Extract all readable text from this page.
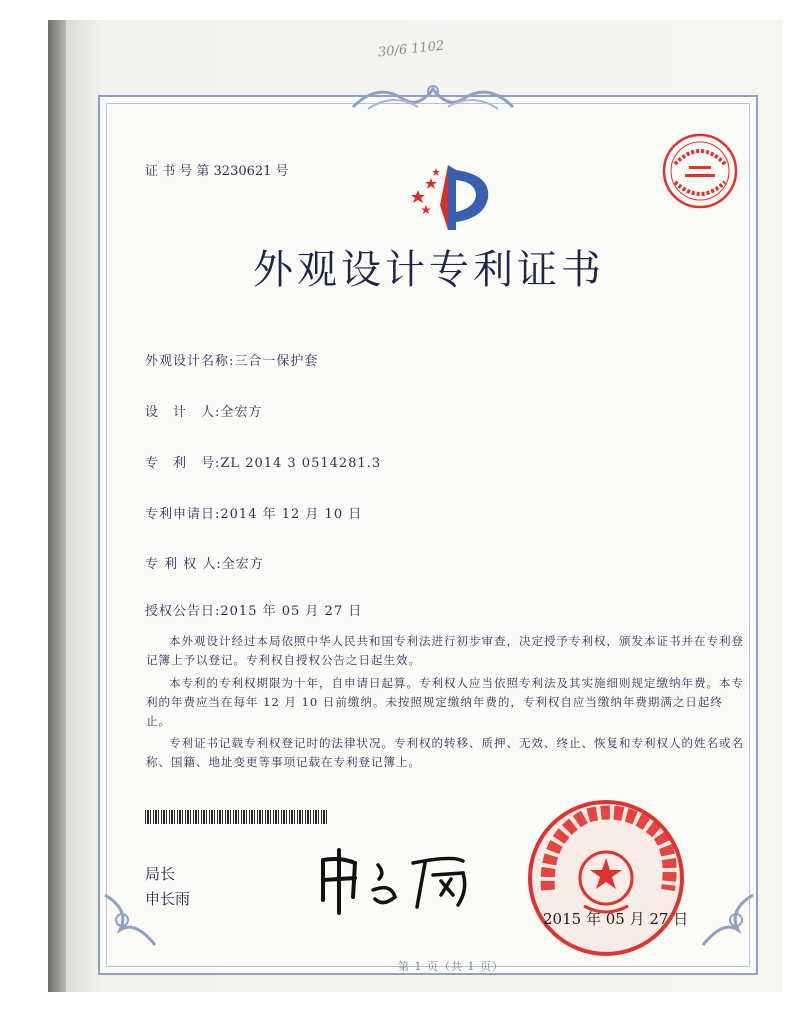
30/6 1102
证 书 号 第 3230621 号
外观设计专利证书
外观设计名称:三合一保护套
设　计　人:全宏方
专　利　号:ZL 2014 3 0514281.3
专利申请日:2014 年 12 月 10 日
专 利 权 人:全宏方
授权公告日:2015 年 05 月 27 日
本外观设计经过本局依照中华人民共和国专利法进行初步审查，决定授予专利权，颁发本证书并在专利登记簿上予以登记。专利权自授权公告之日起生效。
本专利的专利权期限为十年，自申请日起算。专利权人应当依照专利法及其实施细则规定缴纳年费。本专利的年费应当在每年 12 月 10 日前缴纳。未按照规定缴纳年费的，专利权自应当缴纳年费期满之日起终止。
专利证书记载专利权登记时的法律状况。专利权的转移、质押、无效、终止、恢复和专利权人的姓名或名称、国籍、地址变更等事项记载在专利登记簿上。
局长
申长雨
2015 年 05 月 27 日
第 1 页（共 1 页）
